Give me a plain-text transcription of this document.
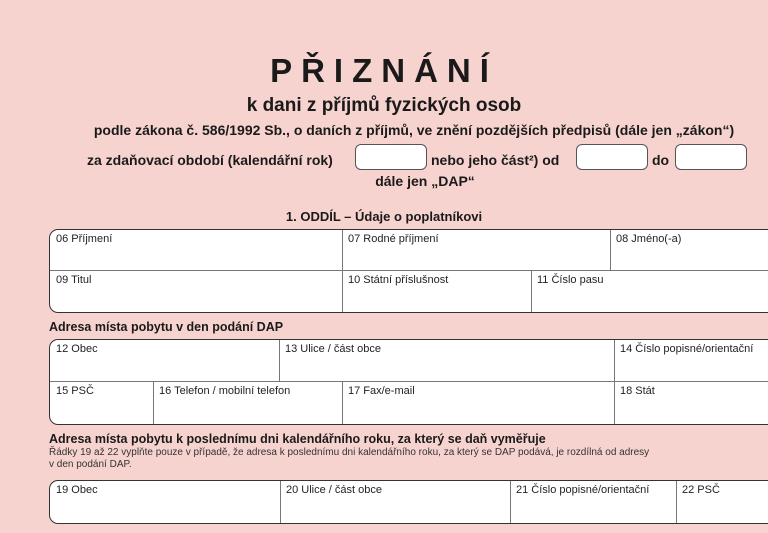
PŘIZNÁNÍ
k dani z příjmů fyzických osob
podle zákona č. 586/1992 Sb., o daních z příjmů, ve znění pozdějších předpisů (dále jen „zákon“)
za zdaňovací období (kalendářní rok)	nebo jeho část²) od	do
dále jen „DAP“
1. ODDÍL – Údaje o poplatníkovi
06 Příjmení	07 Rodné příjmení	08 Jméno(-a)
09 Titul	10 Státní příslušnost	11 Číslo pasu
Adresa místa pobytu v den podání DAP
12 Obec	13 Ulice / část obce	14 Číslo popisné/orientační
15 PSČ	16 Telefon / mobilní telefon	17 Fax/e-mail	18 Stát
Adresa místa pobytu k poslednímu dni kalendářního roku, za který se daň vyměřuje
Řádky 19 až 22 vyplňte pouze v případě, že adresa k poslednímu dni kalendářního roku, za který se DAP podává, je rozdílná od adresy
v den podání DAP.
19 Obec	20 Ulice / část obce	21 Číslo popisné/orientační	22 PSČ
